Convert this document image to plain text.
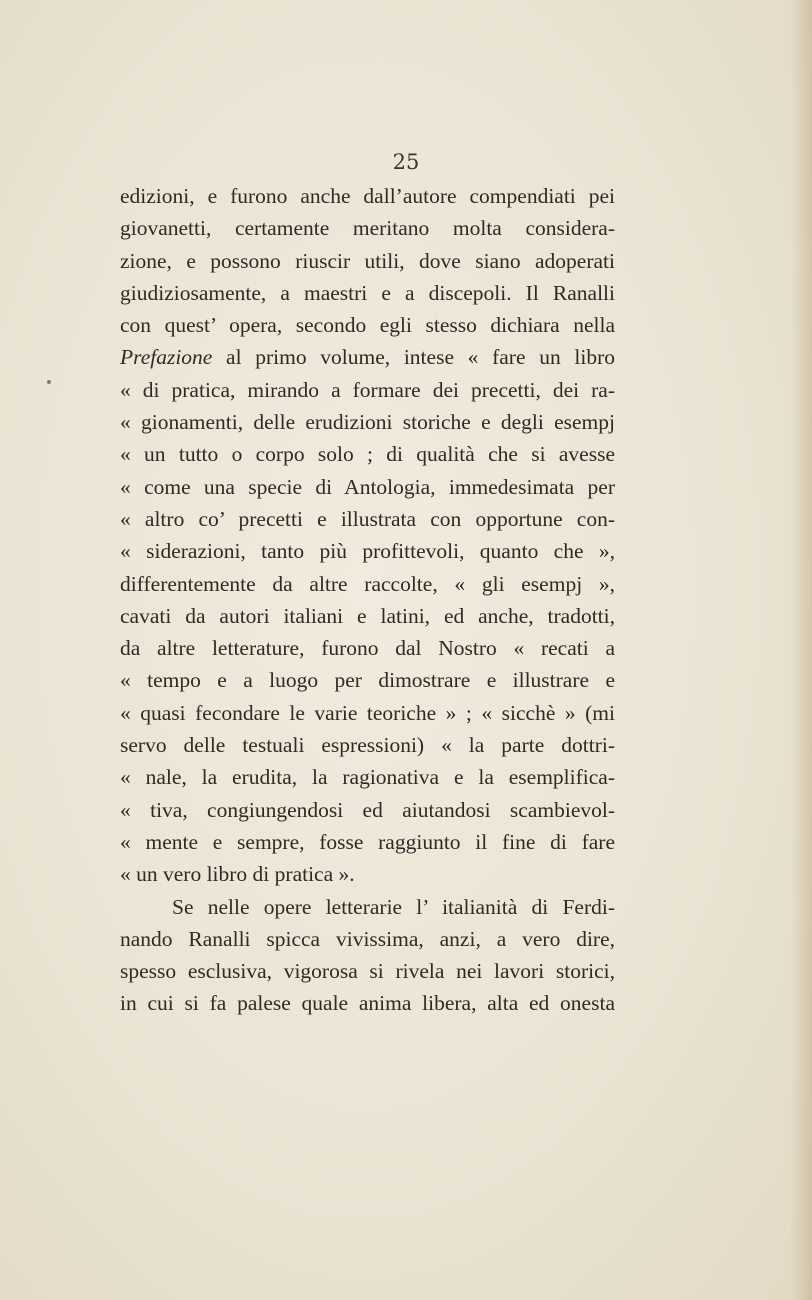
25

edizioni, e furono anche dall’autore compendiati pei
giovanetti, certamente meritano molta considera-
zione, e possono riuscir utili, dove siano adoperati
giudiziosamente, a maestri e a discepoli. Il Ranalli
con quest’ opera, secondo egli stesso dichiara nella
Prefazione al primo volume, intese « fare un libro
« di pratica, mirando a formare dei precetti, dei ra-
« gionamenti, delle erudizioni storiche e degli esempj
« un tutto o corpo solo ; di qualità che si avesse
« come una specie di Antologia, immedesimata per
« altro co’ precetti e illustrata con opportune con-
« siderazioni, tanto più profittevoli, quanto che »,
differentemente da altre raccolte, « gli esempj »,
cavati da autori italiani e latini, ed anche, tradotti,
da altre letterature, furono dal Nostro « recati a
« tempo e a luogo per dimostrare e illustrare e
« quasi fecondare le varie teoriche » ; « sicchè » (mi
servo delle testuali espressioni) « la parte dottri-
« nale, la erudita, la ragionativa e la esemplifica-
« tiva, congiungendosi ed aiutandosi scambievol-
« mente e sempre, fosse raggiunto il fine di fare
« un vero libro di pratica ».
Se nelle opere letterarie l’ italianità di Ferdi-
nando Ranalli spicca vivissima, anzi, a vero dire,
spesso esclusiva, vigorosa si rivela nei lavori storici,
in cui si fa palese quale anima libera, alta ed onesta
